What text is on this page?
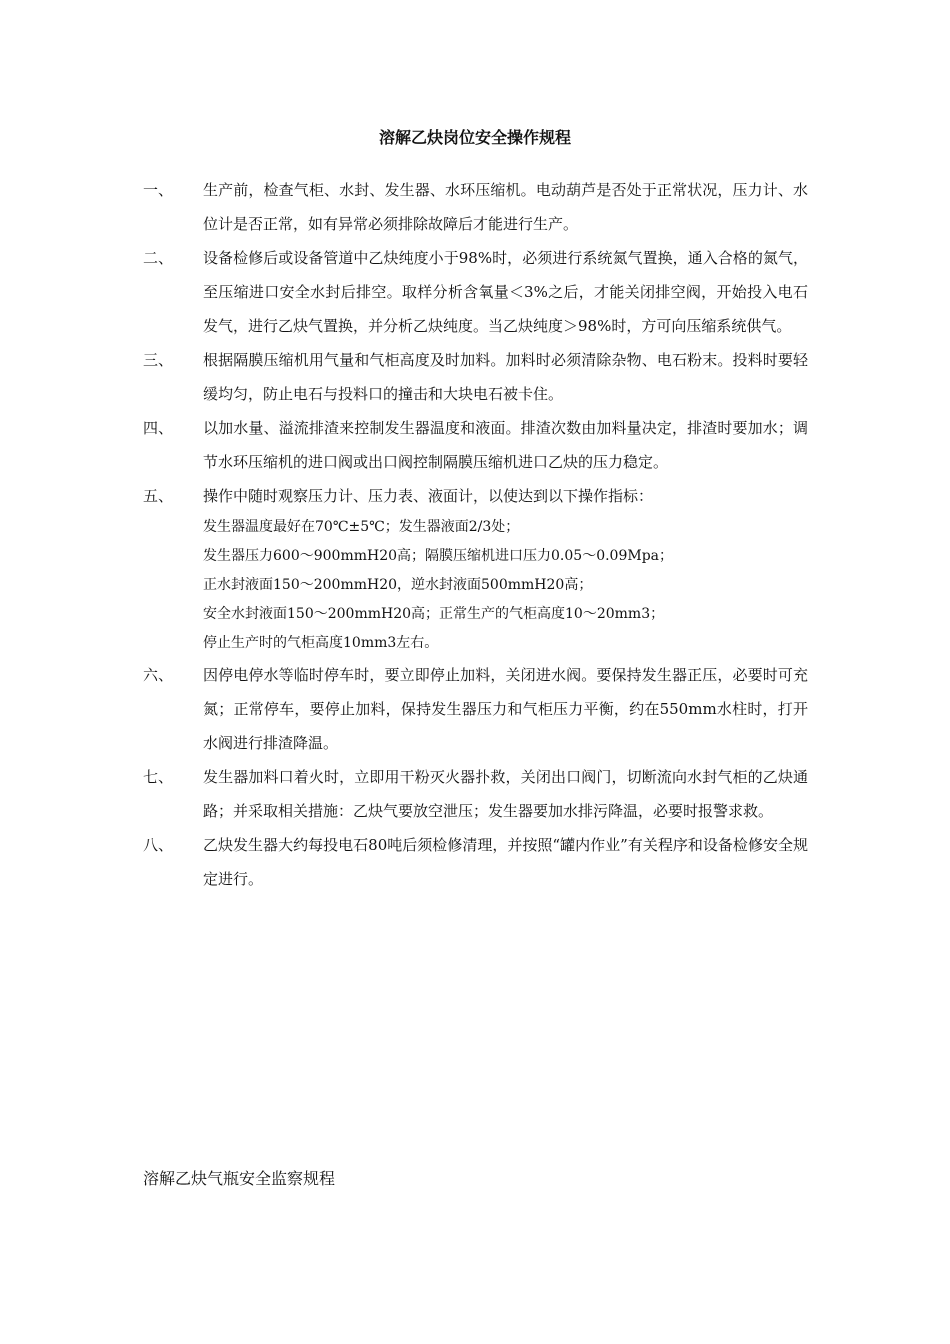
溶解乙炔岗位安全操作规程
一、	生产前，检查气柜、水封、发生器、水环压缩机。电动葫芦是否处于正常状况，压力计、水位计是否正常，如有异常必须排除故障后才能进行生产。

二、	设备检修后或设备管道中乙炔纯度小于98%时，必须进行系统氮气置换，通入合格的氮气，至压缩进口安全水封后排空。取样分析含氧量＜3%之后，才能关闭排空阀，开始投入电石发气，进行乙炔气置换，并分析乙炔纯度。当乙炔纯度＞98%时，方可向压缩系统供气。

三、	根据隔膜压缩机用气量和气柜高度及时加料。加料时必须清除杂物、电石粉末。投料时要轻缓均匀，防止电石与投料口的撞击和大块电石被卡住。

四、	以加水量、溢流排渣来控制发生器温度和液面。排渣次数由加料量决定，排渣时要加水；调节水环压缩机的进口阀或出口阀控制隔膜压缩机进口乙炔的压力稳定。

五、	操作中随时观察压力计、压力表、液面计，以使达到以下操作指标：

发生器温度最好在70℃±5℃；发生器液面2/3处；

发生器压力600～900mmH20高；隔膜压缩机进口压力0.05～0.09Mpa；

正水封液面150～200mmH20，逆水封液面500mmH20高；

安全水封液面150～200mmH20高；正常生产的气柜高度10～20mm3；

停止生产时的气柜高度10mm3左右。

六、	因停电停水等临时停车时，要立即停止加料，关闭进水阀。要保持发生器正压，必要时可充氮；正常停车，要停止加料，保持发生器压力和气柜压力平衡，约在550mm水柱时，打开水阀进行排渣降温。

七、	发生器加料口着火时，立即用干粉灭火器扑救，关闭出口阀门，切断流向水封气柜的乙炔通路；并采取相关措施：乙炔气要放空泄压；发生器要加水排污降温，必要时报警求救。

八、	乙炔发生器大约每投电石80吨后须检修清理，并按照“罐内作业”有关程序和设备检修安全规定进行。

溶解乙炔气瓶安全监察规程
